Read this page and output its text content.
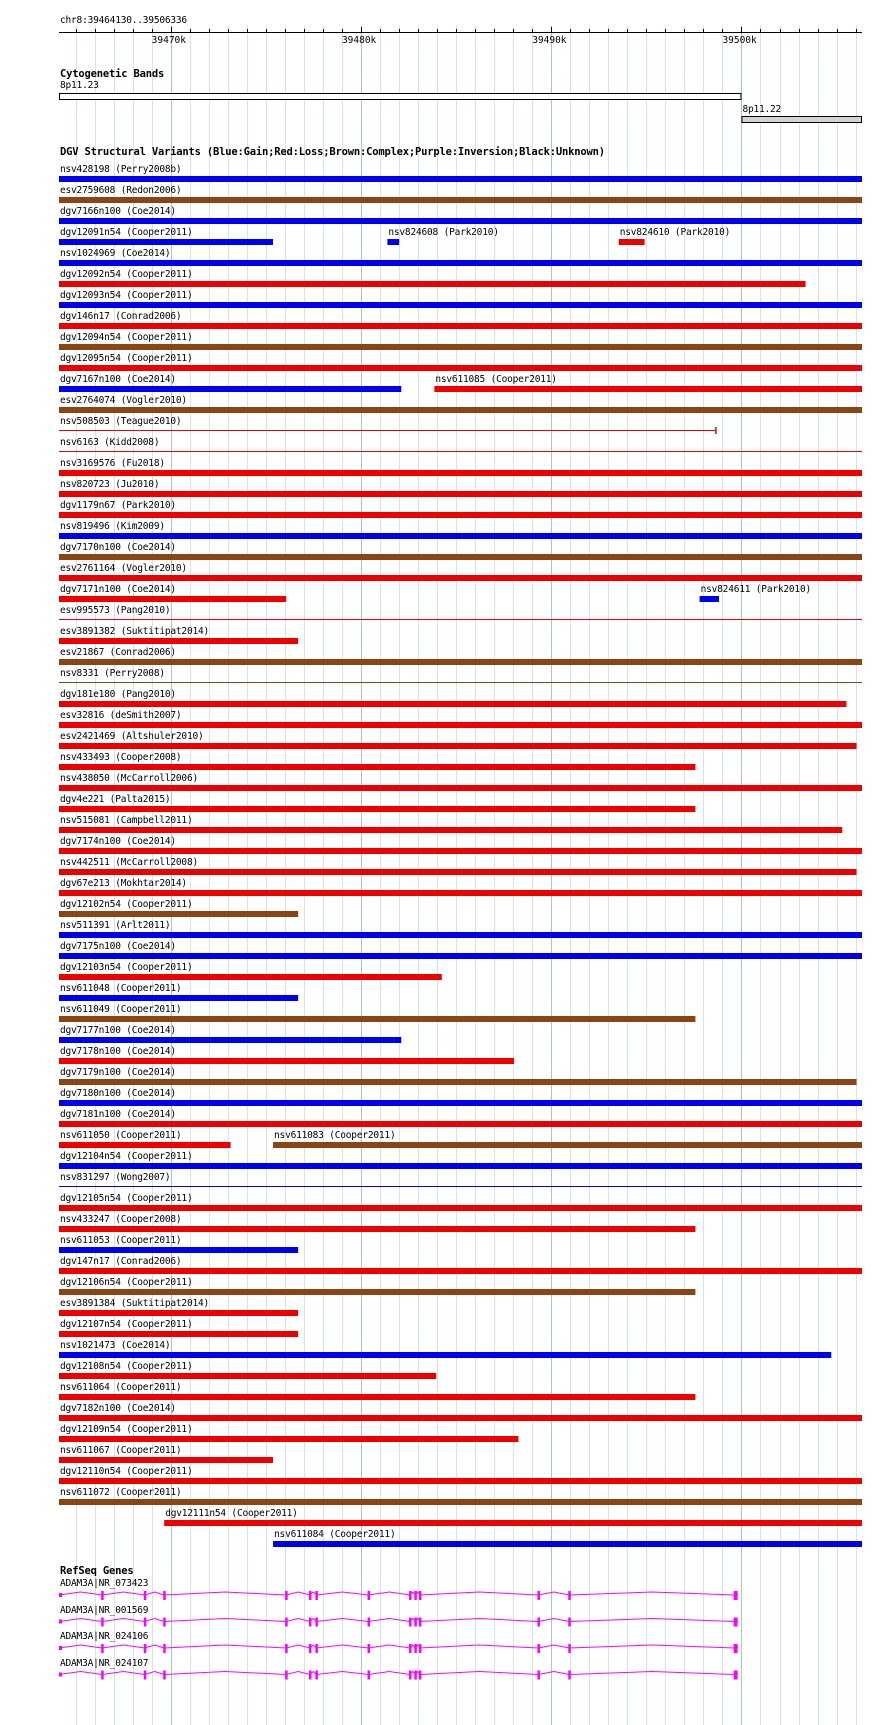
chr8:39464130..39506336
39470k	39480k	39490k	39500k
Cytogenetic Bands
8p11.23
8p11.22
DGV Structural Variants (Blue:Gain;Red:Loss;Brown:Complex;Purple:Inversion;Black:Unknown)
nsv428198 (Perry2008b)
esv2759608 (Redon2006)
dgv7166n100 (Coe2014)
dgv12091n54 (Cooper2011)	nsv824608 (Park2010)	nsv824610 (Park2010)
nsv1024969 (Coe2014)
dgv12092n54 (Cooper2011)
dgv12093n54 (Cooper2011)
dgv146n17 (Conrad2006)
dgv12094n54 (Cooper2011)
dgv12095n54 (Cooper2011)
dgv7167n100 (Coe2014)	nsv611085 (Cooper2011)
esv2764074 (Vogler2010)
nsv508503 (Teague2010)
nsv6163 (Kidd2008)
nsv3169576 (Fu2018)
nsv820723 (Ju2010)
dgv1179n67 (Park2010)
nsv819496 (Kim2009)
dgv7170n100 (Coe2014)
esv2761164 (Vogler2010)
dgv7171n100 (Coe2014)	nsv824611 (Park2010)
esv995573 (Pang2010)
esv3891382 (Suktitipat2014)
esv21867 (Conrad2006)
nsv8331 (Perry2008)
dgv181e180 (Pang2010)
esv32816 (deSmith2007)
esv2421469 (Altshuler2010)
nsv433493 (Cooper2008)
nsv438050 (McCarroll2006)
dgv4e221 (Palta2015)
nsv515081 (Campbell2011)
dgv7174n100 (Coe2014)
nsv442511 (McCarroll2008)
dgv67e213 (Mokhtar2014)
dgv12102n54 (Cooper2011)
nsv511391 (Arlt2011)
dgv7175n100 (Coe2014)
dgv12103n54 (Cooper2011)
nsv611048 (Cooper2011)
nsv611049 (Cooper2011)
dgv7177n100 (Coe2014)
dgv7178n100 (Coe2014)
dgv7179n100 (Coe2014)
dgv7180n100 (Coe2014)
dgv7181n100 (Coe2014)
nsv611050 (Cooper2011)	nsv611083 (Cooper2011)
dgv12104n54 (Cooper2011)
nsv831297 (Wong2007)
dgv12105n54 (Cooper2011)
nsv433247 (Cooper2008)
nsv611053 (Cooper2011)
dgv147n17 (Conrad2006)
dgv12106n54 (Cooper2011)
esv3891384 (Suktitipat2014)
dgv12107n54 (Cooper2011)
nsv1021473 (Coe2014)
dgv12108n54 (Cooper2011)
nsv611064 (Cooper2011)
dgv7182n100 (Coe2014)
dgv12109n54 (Cooper2011)
nsv611067 (Cooper2011)
dgv12110n54 (Cooper2011)
nsv611072 (Cooper2011)
dgv12111n54 (Cooper2011)
nsv611084 (Cooper2011)
RefSeq Genes
ADAM3A|NR_073423
ADAM3A|NR_001569
ADAM3A|NR_024106
ADAM3A|NR_024107
